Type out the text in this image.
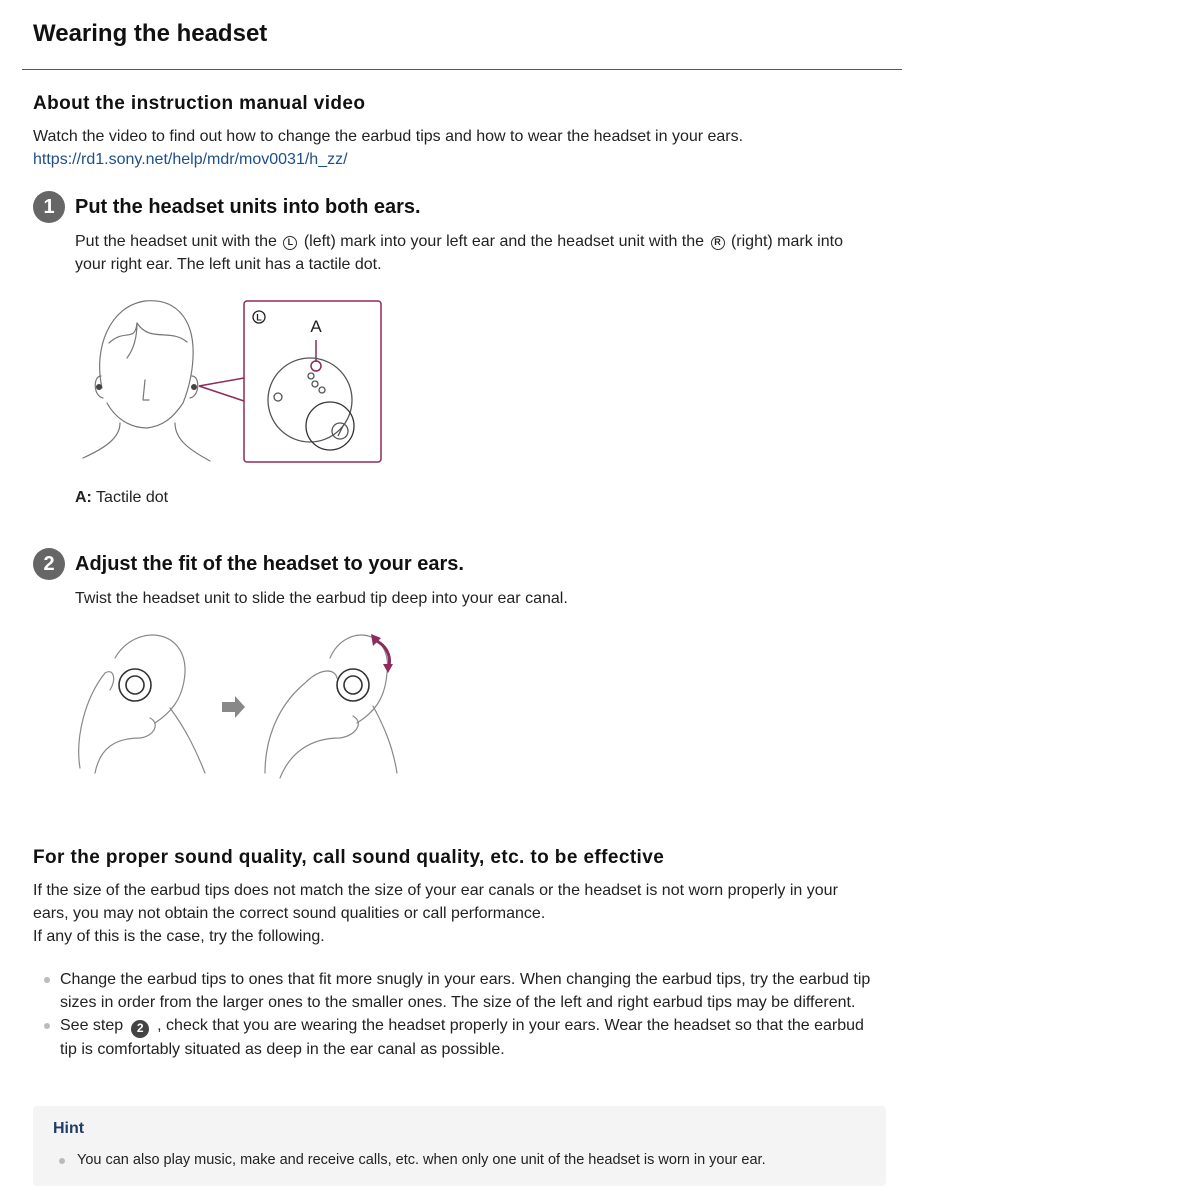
Wearing the headset
About the instruction manual video

Watch the video to find out how to change the earbud tips and how to wear the headset in your ears.

https://rd1.sony.net/help/mdr/mov0031/h_zz/
1	Put the headset units into both ears.

Put the headset unit with the L (left) mark into your left ear and the headset unit with the R (right) mark into your right ear. The left unit has a tactile dot.

L	A
A: Tactile dot
2	Adjust the fit of the headset to your ears.

Twist the headset unit to slide the earbud tip deep into your ear canal.

For the proper sound quality, call sound quality, etc. to be effective

If the size of the earbud tips does not match the size of your ear canals or the headset is not worn properly in your ears, you may not obtain the correct sound qualities or call performance.

If any of this is the case, try the following.

Change the earbud tips to ones that fit more snugly in your ears. When changing the earbud tips, try the earbud tip sizes in order from the larger ones to the smaller ones. The size of the left and right earbud tips may be different.
See step 2 , check that you are wearing the headset properly in your ears. Wear the headset so that the earbud tip is comfortably situated as deep in the ear canal as possible.
Hint
You can also play music, make and receive calls, etc. when only one unit of the headset is worn in your ear.
